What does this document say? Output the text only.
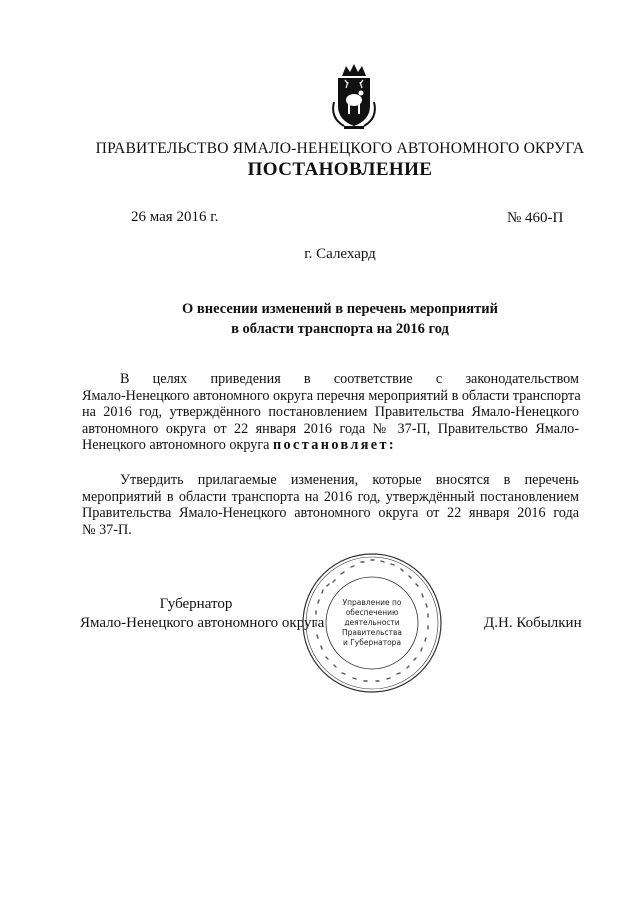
ПРАВИТЕЛЬСТВО ЯМАЛО-НЕНЕЦКОГО АВТОНОМНОГО ОКРУГА
ПОСТАНОВЛЕНИЕ
26 мая 2016 г.	№ 460-П
г. Салехард
О внесении изменений в перечень мероприятий
в области транспорта на 2016 год
В целях приведения в соответствие с законодательством
Ямало-Ненецкого автономного округа перечня мероприятий в области транспорта
на 2016 год, утверждённого постановлением Правительства Ямало-Ненецкого
автономного округа от 22 января 2016 года № 37-П, Правительство Ямало-
Ненецкого автономного округа постановляет:
Утвердить прилагаемые изменения, которые вносятся в перечень
мероприятий в области транспорта на 2016 год, утверждённый постановлением
Правительства Ямало-Ненецкого автономного округа от 22 января 2016 года
№ 37-П.
Губернатор
Ямало-Ненецкого автономного округа	Д.Н. Кобылкин
Управление по
обеспечению
деятельности
Правительства
и Губернатора
